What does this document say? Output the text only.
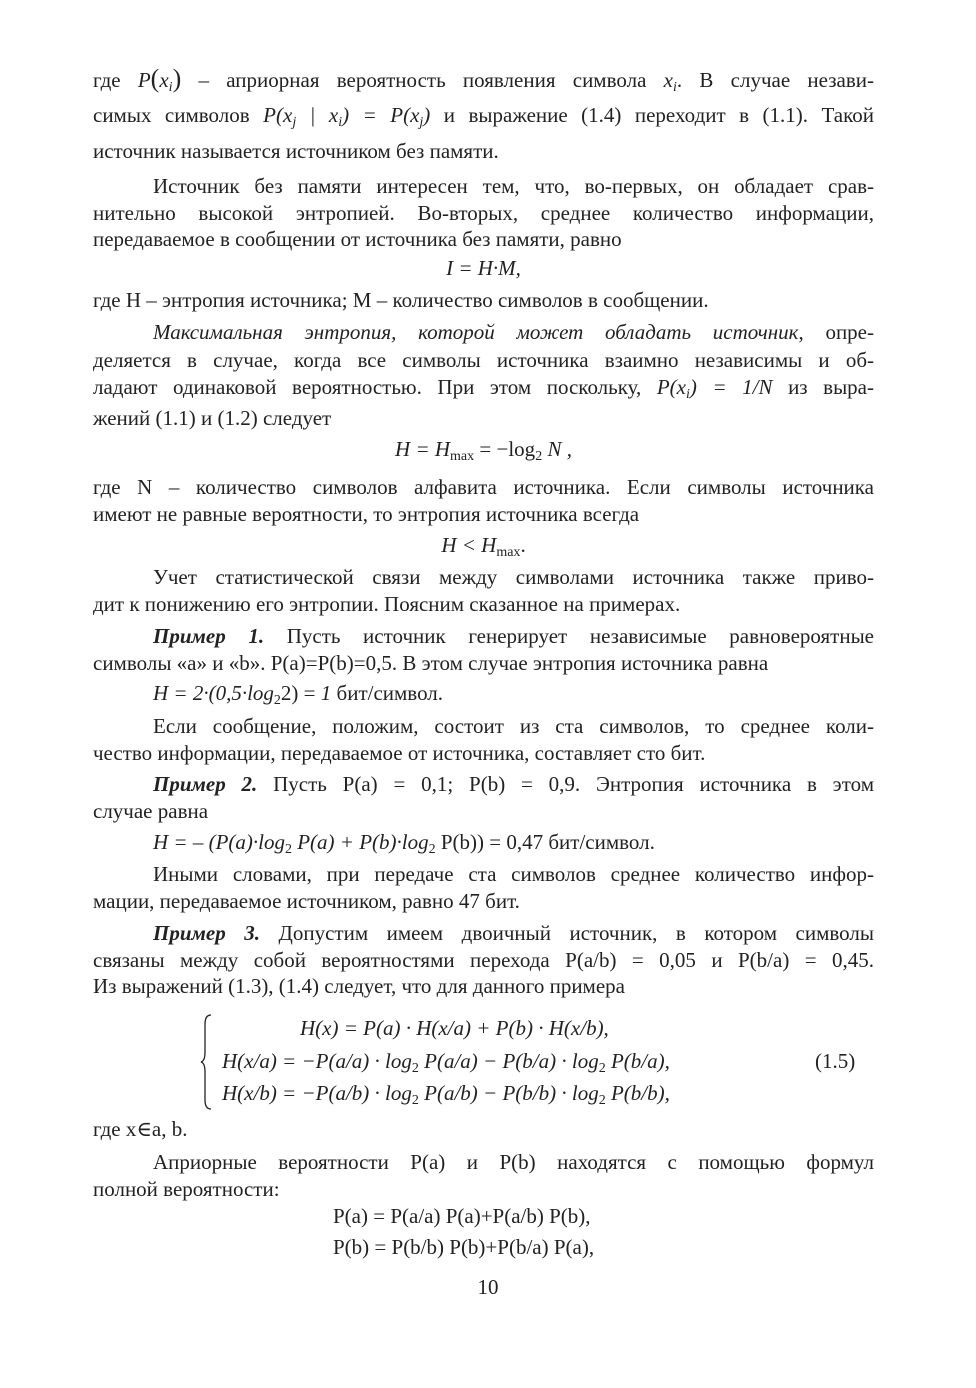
где $P(x_i)$ – априорная вероятность появления символа $x_i$. В случае незави-
симых символов $P(x_j$ | $x_i) = P(x_j)$ и выражение (1.4) переходит в (1.1). Такой
источник называется источником без памяти.
Источник без памяти интересен тем, что, во-первых, он обладает срав-
нительно высокой энтропией. Во-вторых, среднее количество информации,
передаваемое в сообщении от источника без памяти, равно
I = H·M,
где H – энтропия источника; M – количество символов в сообщении.
Максимальная энтропия, которой может обладать источник, опре-
деляется в случае, когда все символы источника взаимно независимы и об-
ладают одинаковой вероятностью. При этом поскольку, $P(x_i) = 1/N$ из выра-
жений (1.1) и (1.2) следует
$H = H_{max} = -\log_2$ N ,
где N – количество символов алфавита источника. Если символы источника
имеют не равные вероятности, то энтропия источника всегда
$H < H_{max}$.
Учет статистической связи между символами источника также приво-
дит к понижению его энтропии. Поясним сказанное на примерах.
Пример 1. Пусть источник генерирует независимые равновероятные
символы «a» и «b». P(a)=P(b)=0,5. В этом случае энтропия источника равна
$H = 2\cdot(0,5\cdot\log_22) = 1$ бит/символ.
Если сообщение, положим, состоит из ста символов, то среднее коли-
чество информации, передаваемое от источника, составляет сто бит.
Пример 2. Пусть P(a) = 0,1; P(b) = 0,9. Энтропия источника в этом
случае равна
H = – ($P(a)\cdot\log_2$ $P(a) + P(b)\cdot\log_2$ P(b)) = 0,47 бит/символ.
Иными словами, при передаче ста символов среднее количество инфор-
мации, передаваемое источником, равно 47 бит.
Пример 3. Допустим имеем двоичный источник, в котором символы
связаны между собой вероятностями перехода P(a/b) = 0,05 и P(b/a) = 0,45.
Из выражений (1.3), (1.4) следует, что для данного примера
H(x) = P(a) · H(x/a) + P(b) · H(x/b),
$H(x/a) = -P(a/a) \cdot \log_2 P(a/a) - P(b/a) \cdot \log_2 P(b/a)$,
$H(x/b) = -P(a/b) \cdot \log_2 P(a/b) - P(b/b) \cdot \log_2 P(b/b)$,
(1.5)
где x∈a, b.
Априорные вероятности P(a) и P(b) находятся с помощью формул
полной вероятности:
P(a) = P(a/a) P(a)+P(a/b) P(b),
P(b) = P(b/b) P(b)+P(b/a) P(a),
10
